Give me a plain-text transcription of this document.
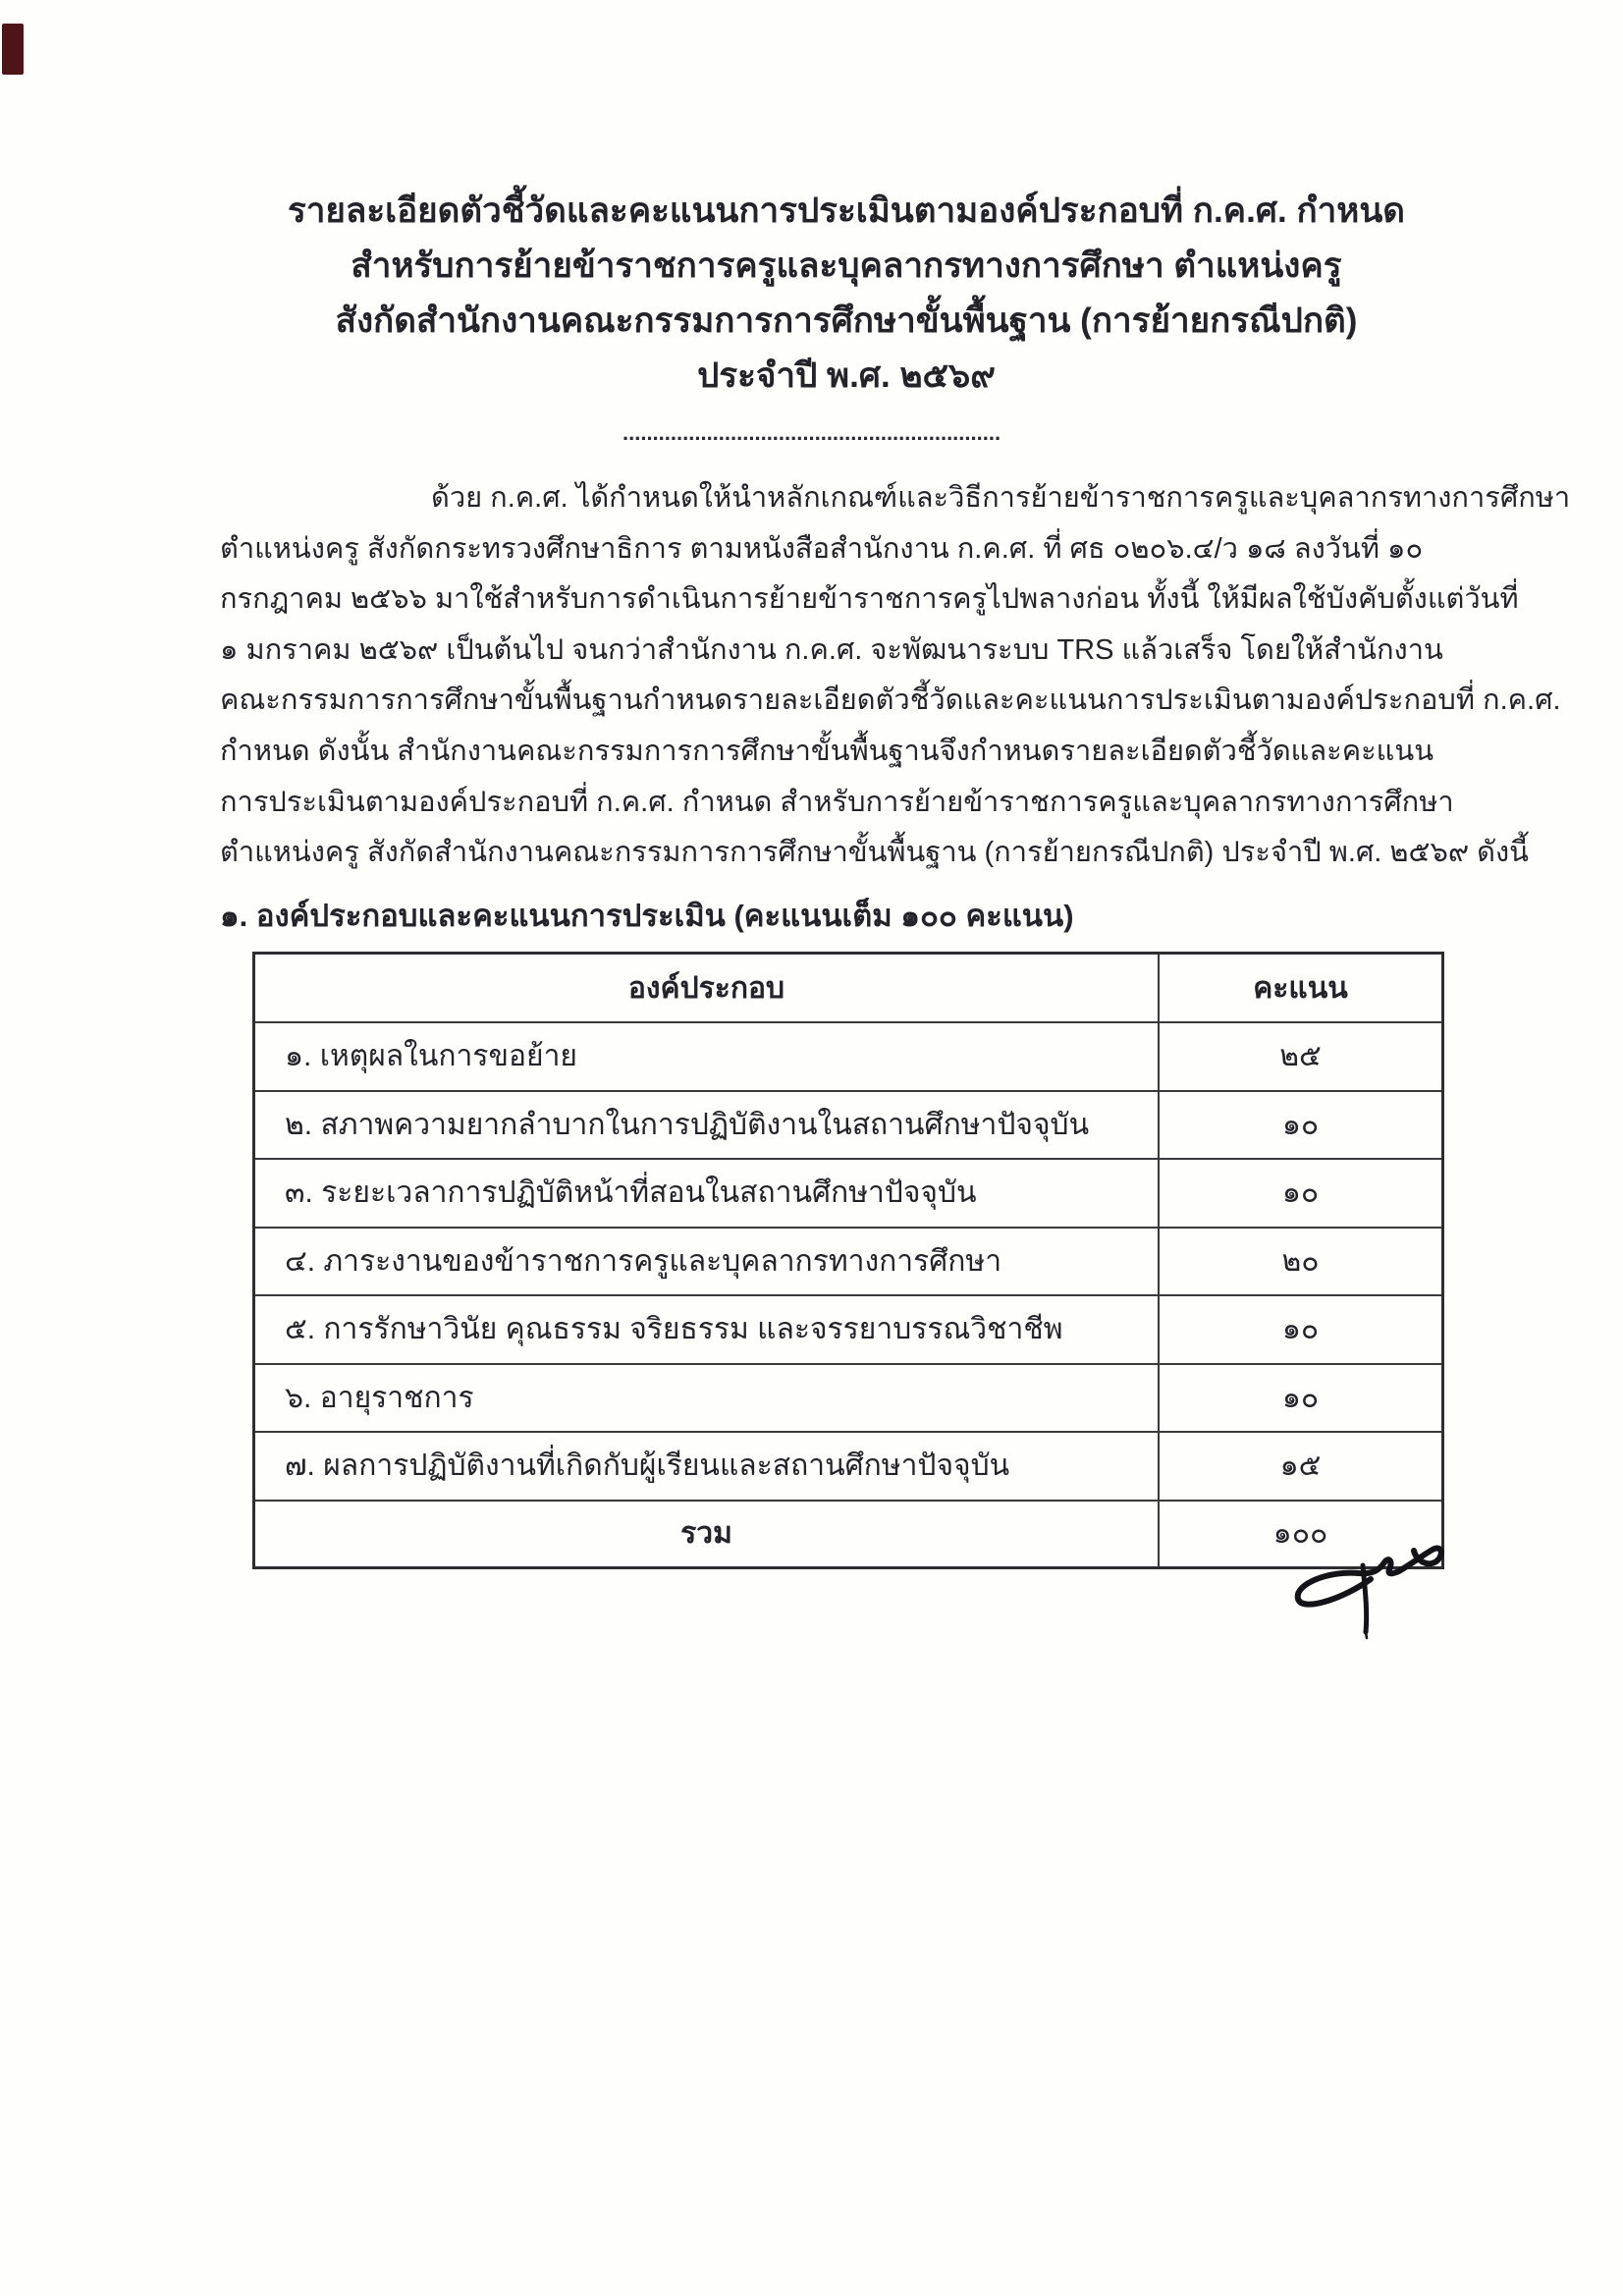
รายละเอียดตัวชี้วัดและคะแนนการประเมินตามองค์ประกอบที่ ก.ค.ศ. กำหนด
สำหรับการย้ายข้าราชการครูและบุคลากรทางการศึกษา ตำแหน่งครู
สังกัดสำนักงานคณะกรรมการการศึกษาขั้นพื้นฐาน (การย้ายกรณีปกติ)
ประจำปี พ.ศ. ๒๕๖๙
...............................................................
ด้วย ก.ค.ศ. ได้กำหนดให้นำหลักเกณฑ์และวิธีการย้ายข้าราชการครูและบุคลากรทางการศึกษา
ตำแหน่งครู สังกัดกระทรวงศึกษาธิการ ตามหนังสือสำนักงาน ก.ค.ศ. ที่ ศธ ๐๒๐๖.๔/ว ๑๘ ลงวันที่ ๑๐
กรกฎาคม ๒๕๖๖ มาใช้สำหรับการดำเนินการย้ายข้าราชการครูไปพลางก่อน ทั้งนี้ ให้มีผลใช้บังคับตั้งแต่วันที่
๑ มกราคม ๒๕๖๙ เป็นต้นไป จนกว่าสำนักงาน ก.ค.ศ. จะพัฒนาระบบ TRS แล้วเสร็จ โดยให้สำนักงาน
คณะกรรมการการศึกษาขั้นพื้นฐานกำหนดรายละเอียดตัวชี้วัดและคะแนนการประเมินตามองค์ประกอบที่ ก.ค.ศ.
กำหนด ดังนั้น สำนักงานคณะกรรมการการศึกษาขั้นพื้นฐานจึงกำหนดรายละเอียดตัวชี้วัดและคะแนน
การประเมินตามองค์ประกอบที่ ก.ค.ศ. กำหนด สำหรับการย้ายข้าราชการครูและบุคลากรทางการศึกษา
ตำแหน่งครู สังกัดสำนักงานคณะกรรมการการศึกษาขั้นพื้นฐาน (การย้ายกรณีปกติ) ประจำปี พ.ศ. ๒๕๖๙ ดังนี้
๑. องค์ประกอบและคะแนนการประเมิน (คะแนนเต็ม ๑๐๐ คะแนน)
องค์ประกอบ	คะแนน
๑. เหตุผลในการขอย้าย	๒๕
๒. สภาพความยากลำบากในการปฏิบัติงานในสถานศึกษาปัจจุบัน	๑๐
๓. ระยะเวลาการปฏิบัติหน้าที่สอนในสถานศึกษาปัจจุบัน	๑๐
๔. ภาระงานของข้าราชการครูและบุคลากรทางการศึกษา	๒๐
๕. การรักษาวินัย คุณธรรม จริยธรรม และจรรยาบรรณวิชาชีพ	๑๐
๖. อายุราชการ	๑๐
๗. ผลการปฏิบัติงานที่เกิดกับผู้เรียนและสถานศึกษาปัจจุบัน	๑๕
รวม	๑๐๐
